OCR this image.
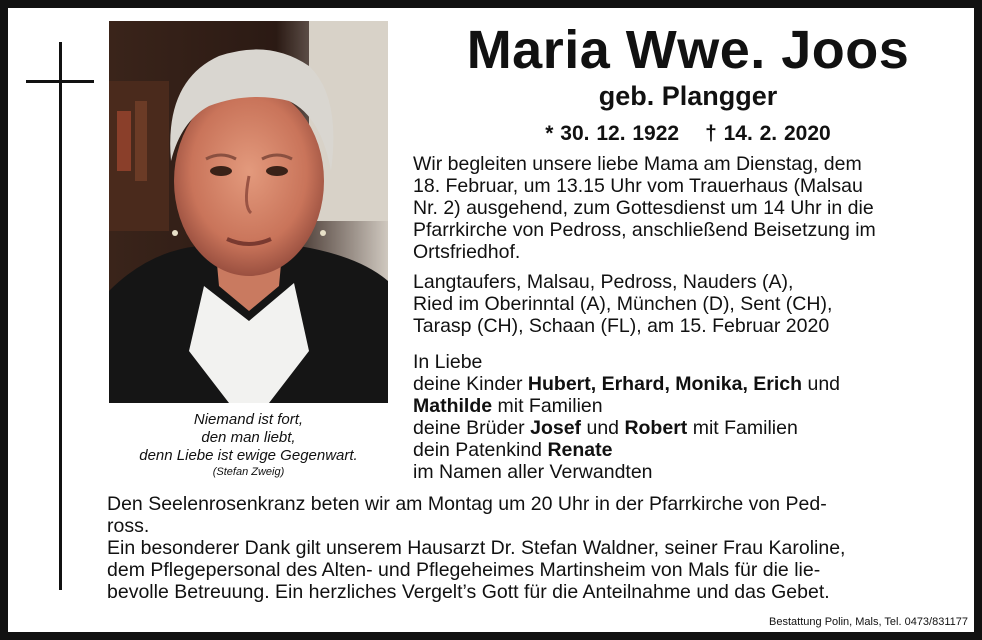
Niemand ist fort,
den man liebt,
denn Liebe ist ewige Gegenwart.
(Stefan Zweig)
Maria Wwe. Joos
geb. Plangger
* 30. 12. 1922 † 14. 2. 2020
Wir begleiten unsere liebe Mama am Dienstag, dem
18. Februar, um 13.15 Uhr vom Trauerhaus (Malsau
Nr. 2) ausgehend, zum Gottesdienst um 14 Uhr in die
Pfarrkirche von Pedross, anschließend Beisetzung im
Ortsfriedhof.
Langtaufers, Malsau, Pedross, Nauders (A),
Ried im Oberinntal (A), München (D), Sent (CH),
Tarasp (CH), Schaan (FL), am 15. Februar 2020
In Liebe
deine Kinder Hubert, Erhard, Monika, Erich und
Mathilde mit Familien
deine Brüder Josef und Robert mit Familien
dein Patenkind Renate
im Namen aller Verwandten
Den Seelenrosenkranz beten wir am Montag um 20 Uhr in der Pfarrkirche von Ped-
ross.
Ein besonderer Dank gilt unserem Hausarzt Dr. Stefan Waldner, seiner Frau Karoline,
dem Pflegepersonal des Alten- und Pflegeheimes Martinsheim von Mals für die lie-
bevolle Betreuung. Ein herzliches Vergelt’s Gott für die Anteilnahme und das Gebet.
Bestattung Polin, Mals, Tel. 0473/831177
